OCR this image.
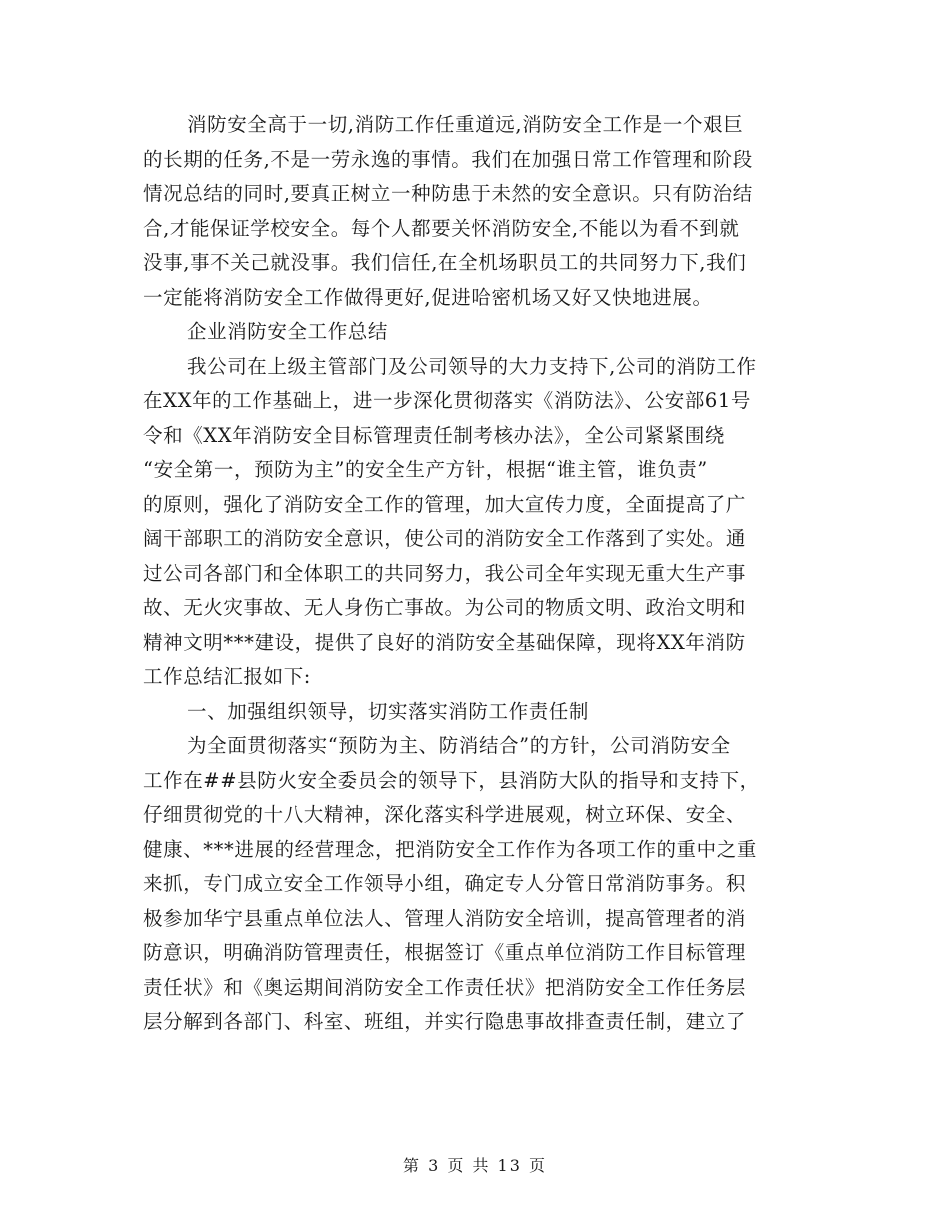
消防安全高于一切,消防工作任重道远,消防安全工作是一个艰巨
的长期的任务,不是一劳永逸的事情。我们在加强日常工作管理和阶段
情况总结的同时,要真正树立一种防患于未然的安全意识。只有防治结
合,才能保证学校安全。每个人都要关怀消防安全,不能以为看不到就
没事,事不关己就没事。我们信任,在全机场职员工的共同努力下,我们
一定能将消防安全工作做得更好,促进哈密机场又好又快地进展。
企业消防安全工作总结
我公司在上级主管部门及公司领导的大力支持下,公司的消防工作
在XX年的工作基础上，进一步深化贯彻落实《消防法》、公安部61号
令和《XX年消防安全目标管理责任制考核办法》，全公司紧紧围绕
“安全第一，预防为主”的安全生产方针，根据“谁主管，谁负责”
的原则，强化了消防安全工作的管理，加大宣传力度，全面提高了广
阔干部职工的消防安全意识，使公司的消防安全工作落到了实处。通
过公司各部门和全体职工的共同努力，我公司全年实现无重大生产事
故、无火灾事故、无人身伤亡事故。为公司的物质文明、政治文明和
精神文明***建设，提供了良好的消防安全基础保障，现将XX年消防
工作总结汇报如下:
一、加强组织领导，切实落实消防工作责任制
为全面贯彻落实“预防为主、防消结合”的方针，公司消防安全
工作在##县防火安全委员会的领导下，县消防大队的指导和支持下，
仔细贯彻党的十八大精神，深化落实科学进展观，树立环保、安全、
健康、***进展的经营理念，把消防安全工作作为各项工作的重中之重
来抓，专门成立安全工作领导小组，确定专人分管日常消防事务。积
极参加华宁县重点单位法人、管理人消防安全培训，提高管理者的消
防意识，明确消防管理责任，根据签订《重点单位消防工作目标管理
责任状》和《奥运期间消防安全工作责任状》把消防安全工作任务层
层分解到各部门、科室、班组，并实行隐患事故排查责任制，建立了
第 3 页 共 13 页
